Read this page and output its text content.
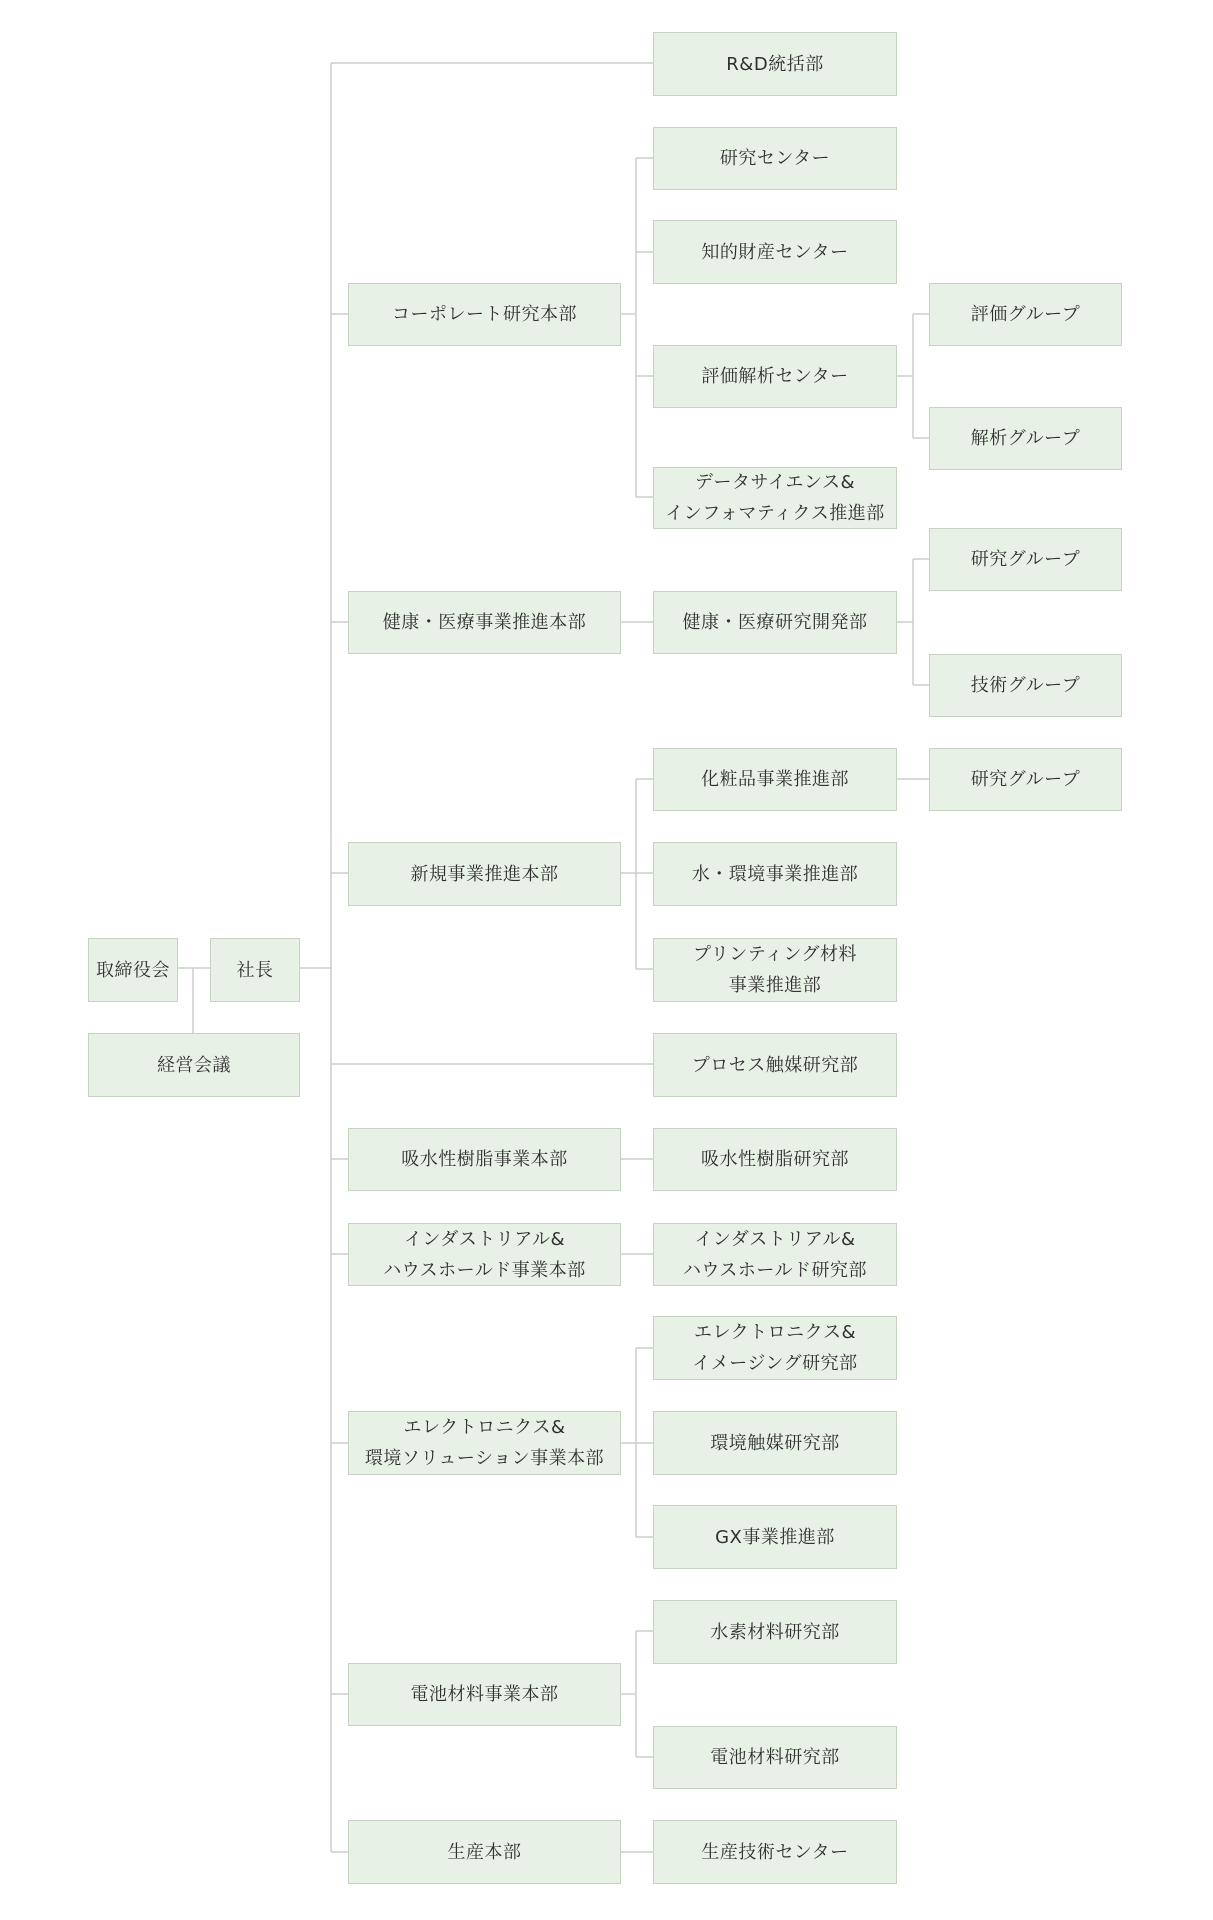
取締役会	社長
経営会議
コーポレート研究本部
健康・医療事業推進本部
新規事業推進本部
吸水性樹脂事業本部
インダストリアル&
ハウスホールド事業本部
エレクトロニクス&
環境ソリューション事業本部
電池材料事業本部
生産本部
R&D統括部
研究センター
知的財産センター
評価解析センター
データサイエンス&
インフォマティクス推進部
健康・医療研究開発部
化粧品事業推進部
水・環境事業推進部
プリンティング材料
事業推進部
プロセス触媒研究部
吸水性樹脂研究部
インダストリアル&
ハウスホールド研究部
エレクトロニクス&
イメージング研究部
環境触媒研究部
GX事業推進部
水素材料研究部
電池材料研究部
生産技術センター
評価グループ
解析グループ
研究グループ
技術グループ
研究グループ
